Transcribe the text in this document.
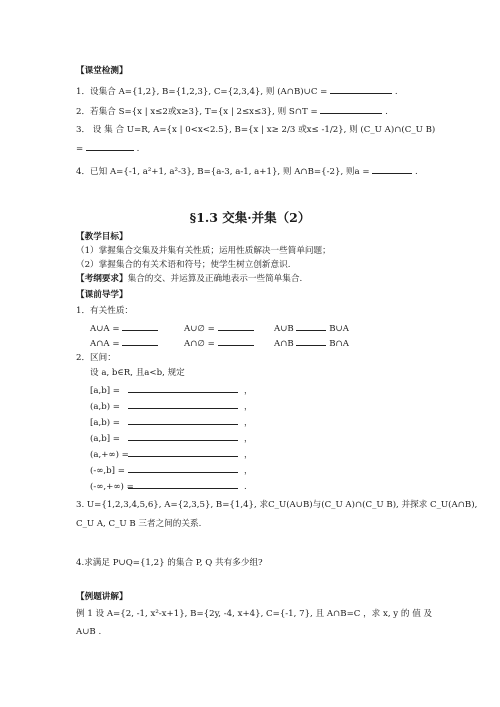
【课堂检测】
1．设集合 A={1,2}, B={1,2,3}, C={2,3,4}, 则 (A∩B)∪C =	.
2．若集合 S={x | x≤2或x≥3}, T={x | 2≤x≤3}, 则 S∩T =	.
3． 设 集 合 U=R, A={x | 0<x<2.5}, B={x | x≥ 2/3 或x≤ -1/2}, 则 (C_U A)∩(C_U B)
=	.
4．已知 A={-1, a²+1, a²-3}, B={a-3, a-1, a+1}, 则 A∩B={-2}, 则a =	.
§1.3 交集·并集（2）
【教学目标】
（1）掌握集合交集及并集有关性质；运用性质解决一些简单问题；
（2）掌握集合的有关术语和符号；使学生树立创新意识.
【考纲要求】集合的交、并运算及正确地表示一些简单集合.
【课前导学】
1．有关性质：
A∪A =	A∪∅ =	A∪B	B∪A
A∩A =	A∩∅ =	A∩B	B∩A
2．区间：
设 a, b∈R, 且a<b, 规定
[a,b] =	，
(a,b) =	，
[a,b) =	，
(a,b] =	，
(a,+∞) =	，
(-∞,b] =	，
(-∞,+∞) =	.
3. U={1,2,3,4,5,6}, A={2,3,5}, B={1,4}, 求C_U(A∪B)与(C_U A)∩(C_U B), 并探求 C_U(A∩B),
C_U A, C_U B 三者之间的关系.
4.求满足 P∪Q={1,2} 的集合 P, Q 共有多少组?
【例题讲解】
例 1 设 A={2, -1, x²-x+1}, B={2y, -4, x+4}, C={-1, 7}, 且 A∩B=C ，求 x, y 的 值 及
A∪B .
